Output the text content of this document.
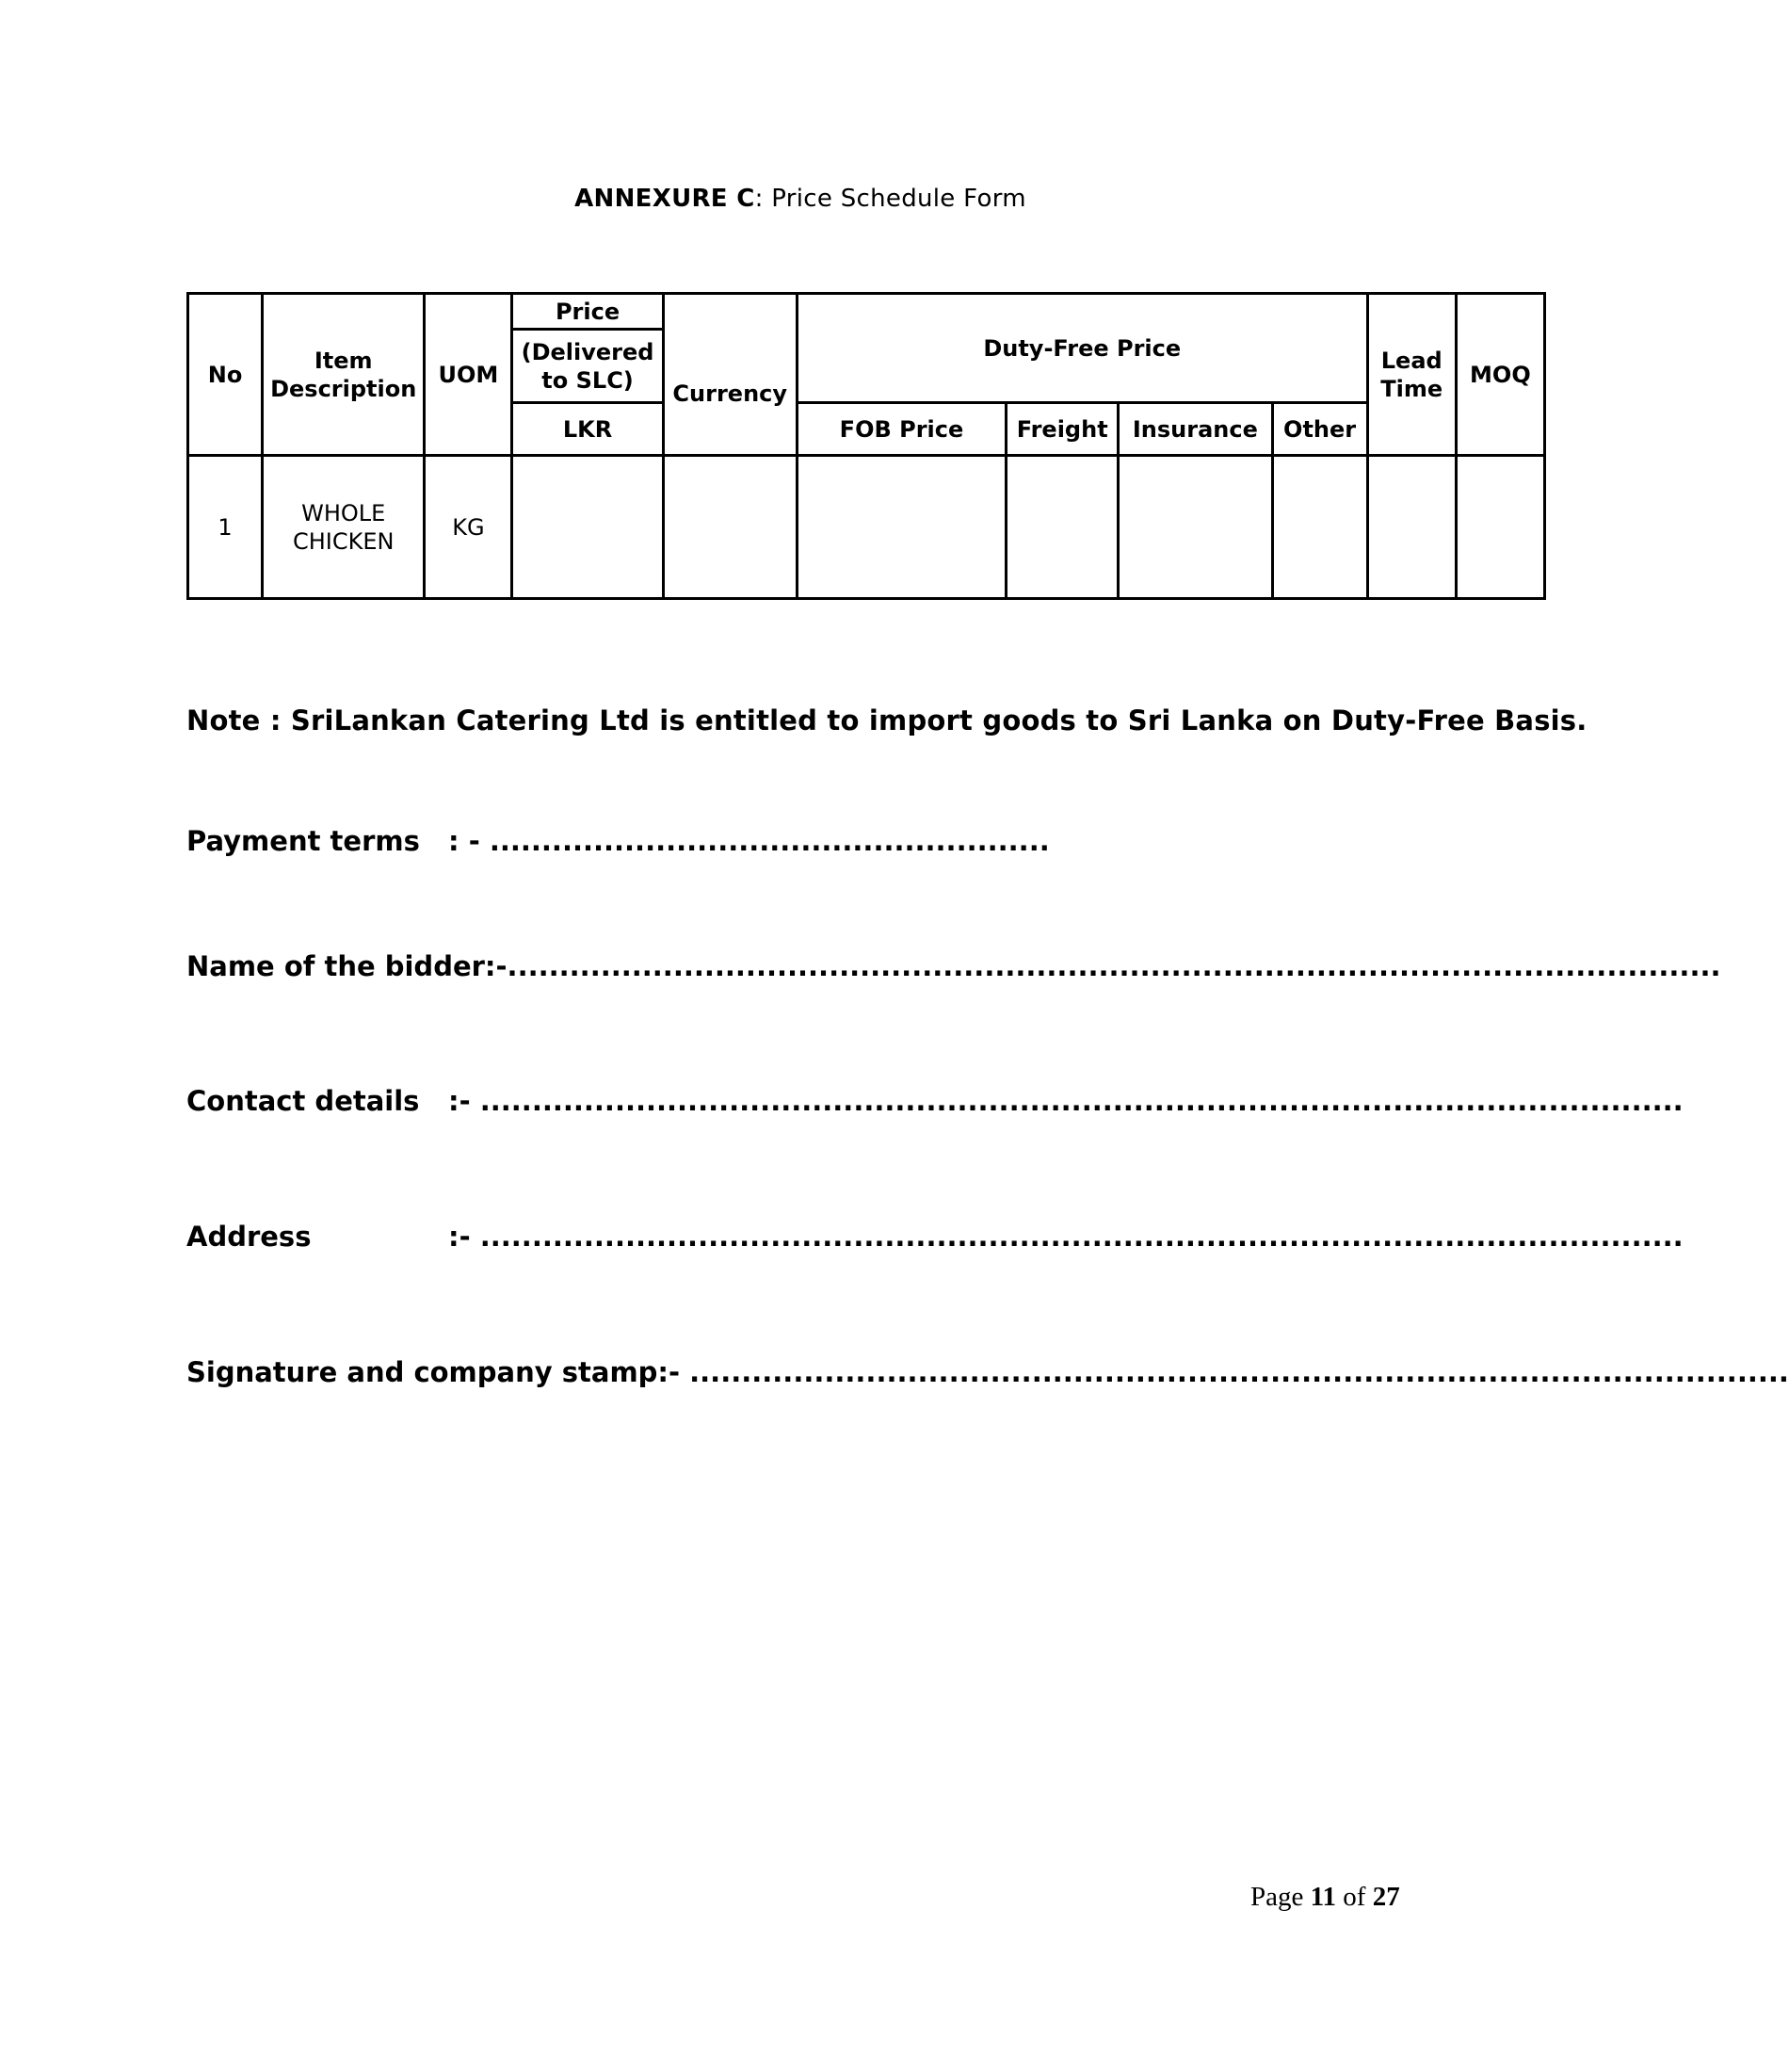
ANNEXURE C: Price Schedule Form
No	Item Description	UOM	Price	Currency	Duty-Free Price				Lead Time	MOQ
			(Delivered to SLC)							
			LKR		FOB Price	Freight	Insurance	Other		
1	WHOLE CHICKEN	KG								
Note : SriLankan Catering Ltd is entitled to import goods to Sri Lanka on Duty-Free Basis.
Payment terms : - ......................................................
Name of the bidder:-.....................................................................................................................
Contact details :- ....................................................................................................................
Address	:- ....................................................................................................................
Signature and company stamp:- ..........................................................................................................
Page 11 of 27
